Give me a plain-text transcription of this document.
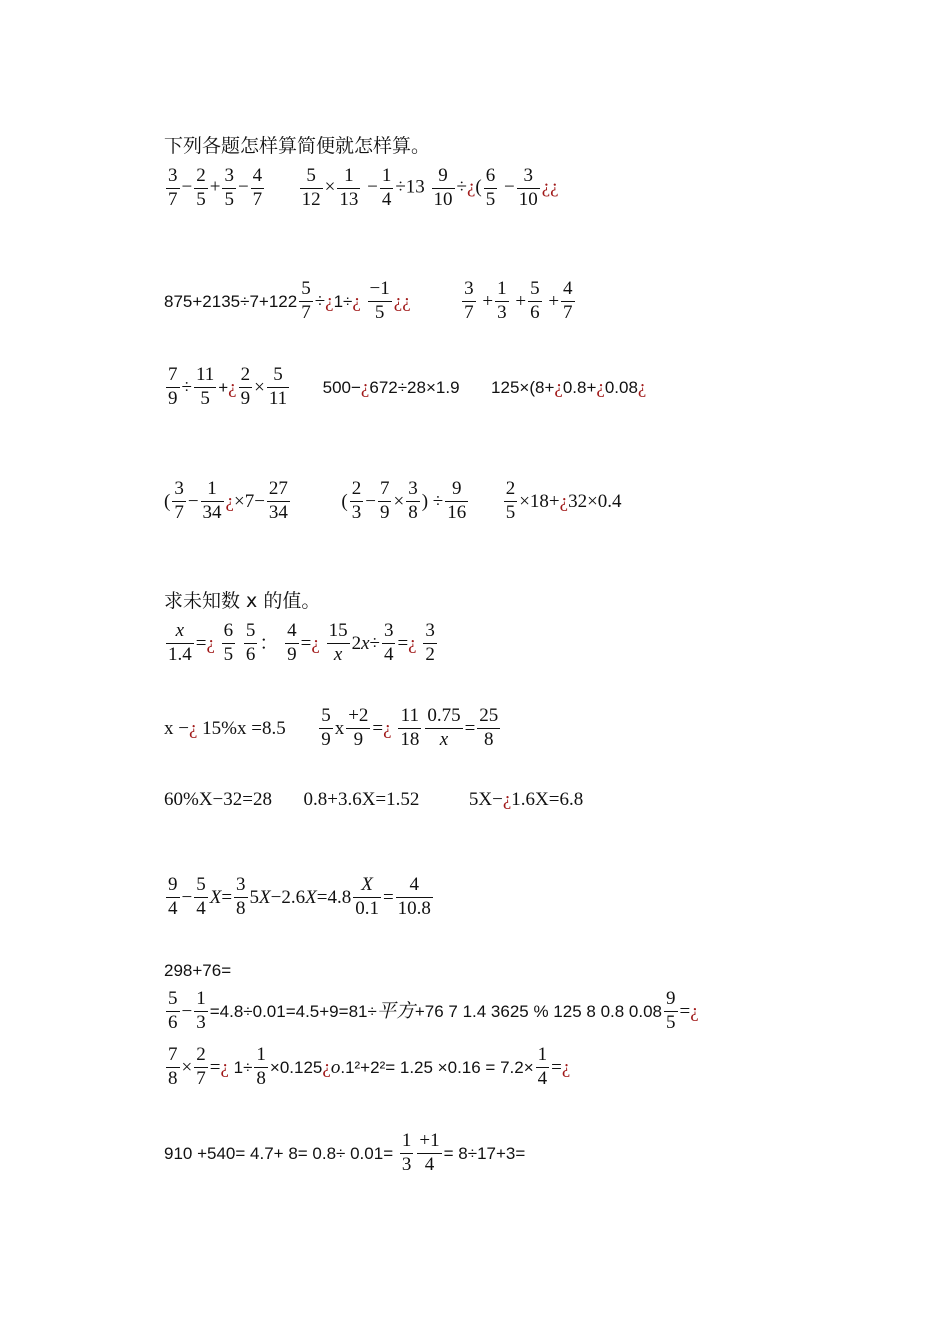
下列各题怎样算简便就怎样算。
$\frac{3}{7} - \frac{2}{5} + \frac{3}{5} - \frac{4}{7}$
$\frac{5}{12} \times \frac{1}{13} - \frac{1}{4} \div 13 \frac{9}{10}$ ÷¿( $\frac{6}{5} - \frac{3}{10}$ ¿¿
$875+2135\div 7+122 \frac{5}{7}$ ÷¿1÷¿ $\frac{-1}{5}$ ¿¿	$\frac{3}{7} + \frac{1}{3} + \frac{5}{6} + \frac{4}{7}$
$\frac{7}{9} \div \frac{11}{5}$ +¿ $\frac{2}{9} \times \frac{5}{11}$ 500−¿672÷28×1.9 125×(8+¿0.8+¿0.08¿
( $\frac{3}{7} - \frac{1}{34}$ ¿$\times 7- \frac{27}{34}$	( $\frac{2}{3} - \frac{7}{9} \times \frac{3}{8}$ ) ÷ $\frac{9}{16}$
$\frac{2}{5}$ ×18+¿32×0.4
求未知数 x 的值。
$\frac{x}{1.4}$ =¿ $\frac{6}{5}$
$\frac{5}{6}$ ： $\frac{4}{9}$ =¿ $\frac{15}{x} 2x\div \frac{3}{4}$ =¿ $\frac{3}{2}$
x −¿ $15\%x =8.5 \frac{5}{9}$ x $\frac{+2}{9}$ =¿ $\frac{11}{18} \frac{0.75}{x} = \frac{25}{8}$
60%X−32=28 0.8+3.6X=1.52	5X−¿1.6X=6.8
$\frac{9}{4} - \frac{5}{4} X= \frac{3}{8} 5X-2.6X=4.8 \frac{X}{0.1} = \frac{4}{10.8}$
298+76=
$\frac{5}{6} - \frac{1}{3} =4.8\div 0.01=4.5+9=81\div$平方+76 7 1.4 3625 % 125 8 0.8 $0.08 \frac{9}{5}$ =¿
$\frac{7}{8} \times \frac{2}{7}$ =¿ $1\div \frac{1}{8}$ ×0.125¿o.1²+2²= $1.25 \times 0.16 = 7.2\times \frac{1}{4}$ =¿
$910 +540= 4.7+ 8= 0.8\div 0.01= \frac{1}{3} \frac{+1}{4} = 8\div 17+3=$
